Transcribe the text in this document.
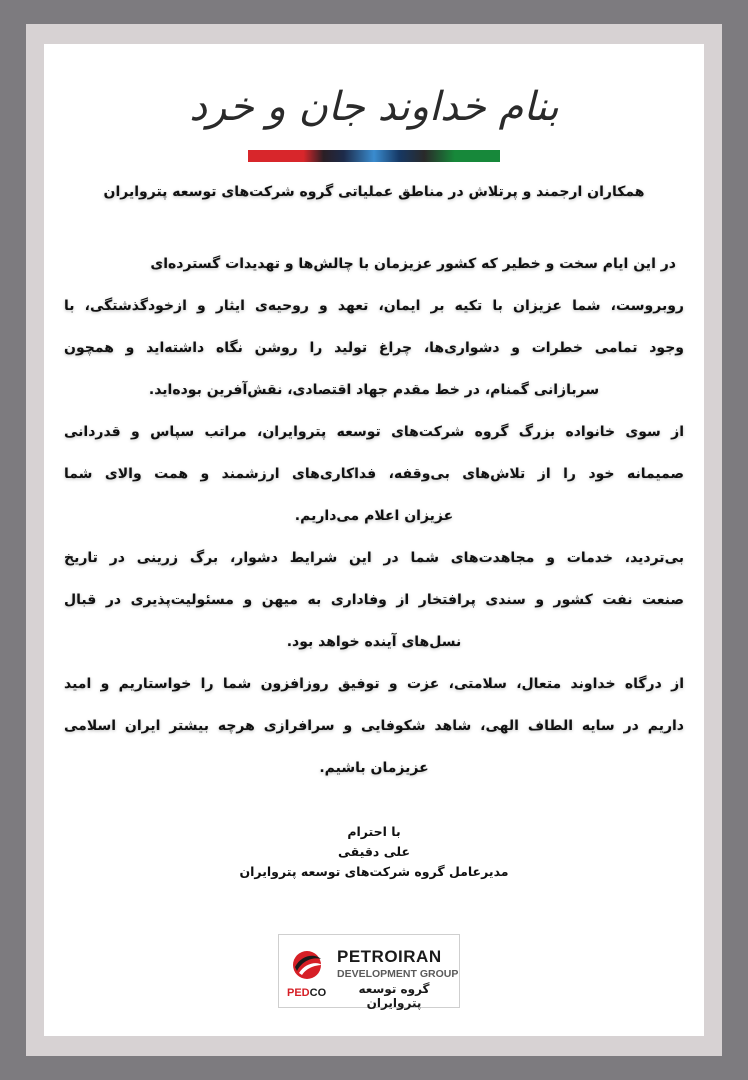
بنام خداوند جان و خرد
همکاران ارجمند و پرتلاش در مناطق عملیاتی گروه شرکت‌های توسعه پتروایران
در این ایام سخت و خطیر که کشور عزیزمان با چالش‌ها و تهدیدات گسترده‌ای
روبروست، شما عزیزان با تکیه بر ایمان، تعهد و روحیه‌ی ایثار و ازخودگذشتگی، با
وجود تمامی خطرات و دشواری‌ها، چراغ تولید را روشن نگاه داشته‌اید و همچون
سربازانی گمنام، در خط مقدم جهاد اقتصادی، نقش‌آفرین بوده‌اید.
از سوی خانواده بزرگ گروه شرکت‌های توسعه پتروایران، مراتب سپاس و قدردانی
صمیمانه خود را از تلاش‌های بی‌وقفه، فداکاری‌های ارزشمند و همت والای شما
عزیزان اعلام می‌داریم.
بی‌تردید، خدمات و مجاهدت‌های شما در این شرایط دشوار، برگ زرینی در تاریخ
صنعت نفت کشور و سندی پرافتخار از وفاداری به میهن و مسئولیت‌پذیری در قبال
نسل‌های آینده خواهد بود.
از درگاه خداوند متعال، سلامتی، عزت و توفیق روزافزون شما را خواستاریم و امید
داریم در سایه الطاف الهی، شاهد شکوفایی و سرافرازی هرچه بیشتر ایران اسلامی
عزیزمان باشیم.
با احترام
علی دقیقی
مدیرعامل گروه شرکت‌های توسعه پتروایران
PEDCO
PETROIRAN
DEVELOPMENT GROUP
گروه توسعه پتروایران
